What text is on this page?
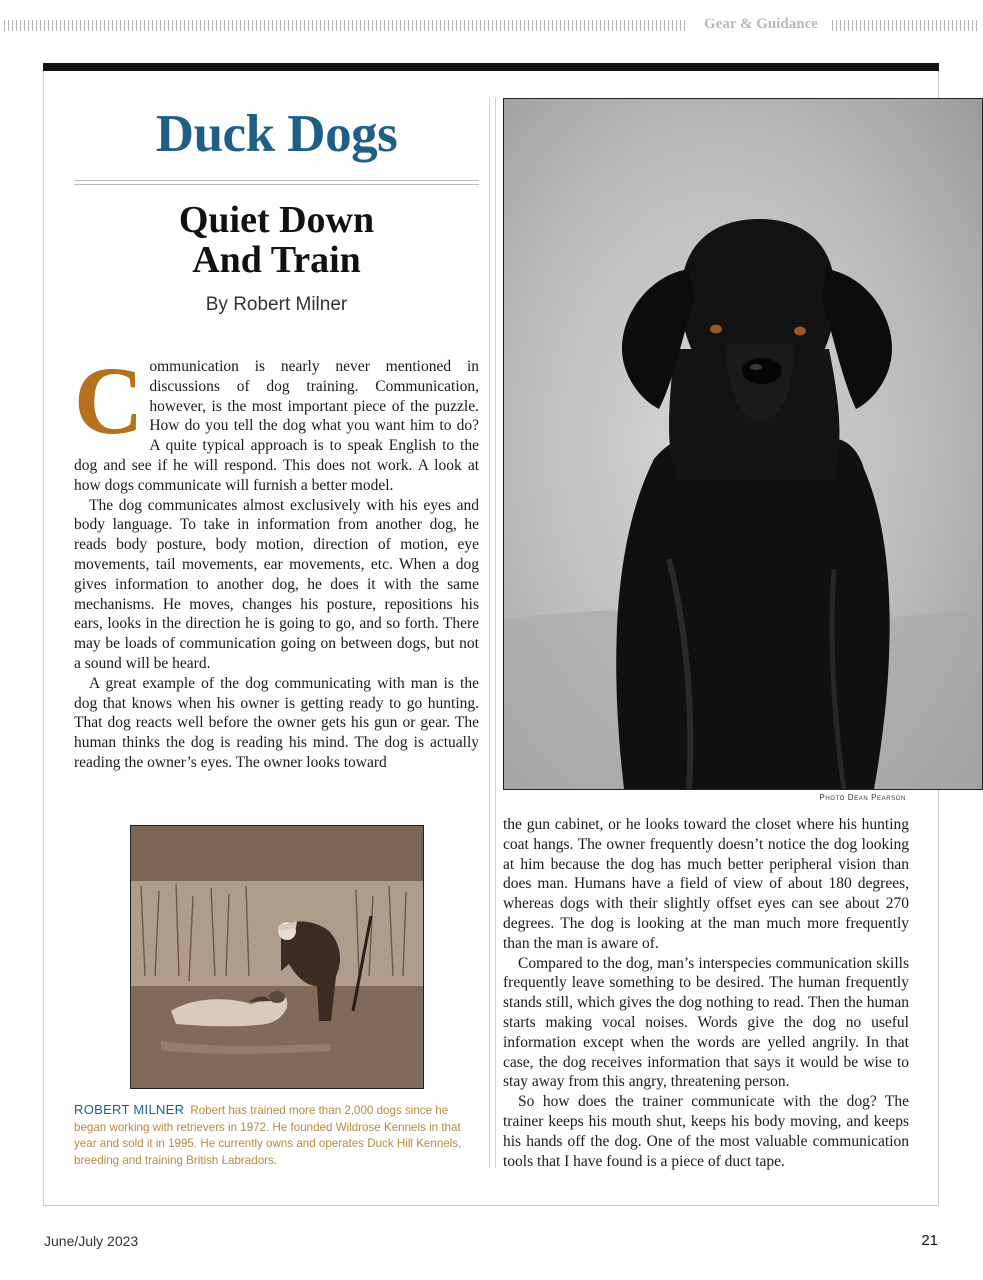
Gear & Guidance
Duck Dogs
Quiet Down
And Train
By Robert Milner

Communication is nearly never mentioned in discussions of dog training. Communication, however, is the most important piece of the puzzle. How do you tell the dog what you want him to do? A quite typical approach is to speak English to the dog and see if he will respond. This does not work. A look at how dogs communicate will furnish a better model.

The dog communicates almost exclusively with his eyes and body language. To take in information from another dog, he reads body posture, body motion, direction of motion, eye movements, tail movements, ear movements, etc. When a dog gives information to another dog, he does it with the same mechanisms. He moves, changes his posture, repositions his ears, looks in the direction he is going to go, and so forth. There may be loads of communication going on between dogs, but not a sound will be heard.

A great example of the dog communicating with man is the dog that knows when his owner is getting ready to go hunting. That dog reacts well before the owner gets his gun or gear. The human thinks the dog is reading his mind. The dog is actually reading the owner’s eyes. The owner looks toward

Photo Dean Pearson
ROBERT MILNER Robert has trained more than 2,000 dogs since he began working with retrievers in 1972. He founded Wildrose Kennels in that year and sold it in 1995. He currently owns and operates Duck Hill Kennels, breeding and training British Labradors.

the gun cabinet, or he looks toward the closet where his hunting coat hangs. The owner frequently doesn’t notice the dog looking at him because the dog has much better peripheral vision than does man. Humans have a field of view of about 180 degrees, whereas dogs with their slightly offset eyes can see about 270 degrees. The dog is looking at the man much more frequently than the man is aware of.

Compared to the dog, man’s interspecies communication skills frequently leave something to be desired. The human frequently stands still, which gives the dog nothing to read. Then the human starts making vocal noises. Words give the dog no useful information except when the words are yelled angrily. In that case, the dog receives information that says it would be wise to stay away from this angry, threatening person.

So how does the trainer communicate with the dog? The trainer keeps his mouth shut, keeps his body moving, and keeps his hands off the dog. One of the most valuable communication tools that I have found is a piece of duct tape.

June/July 2023	21
